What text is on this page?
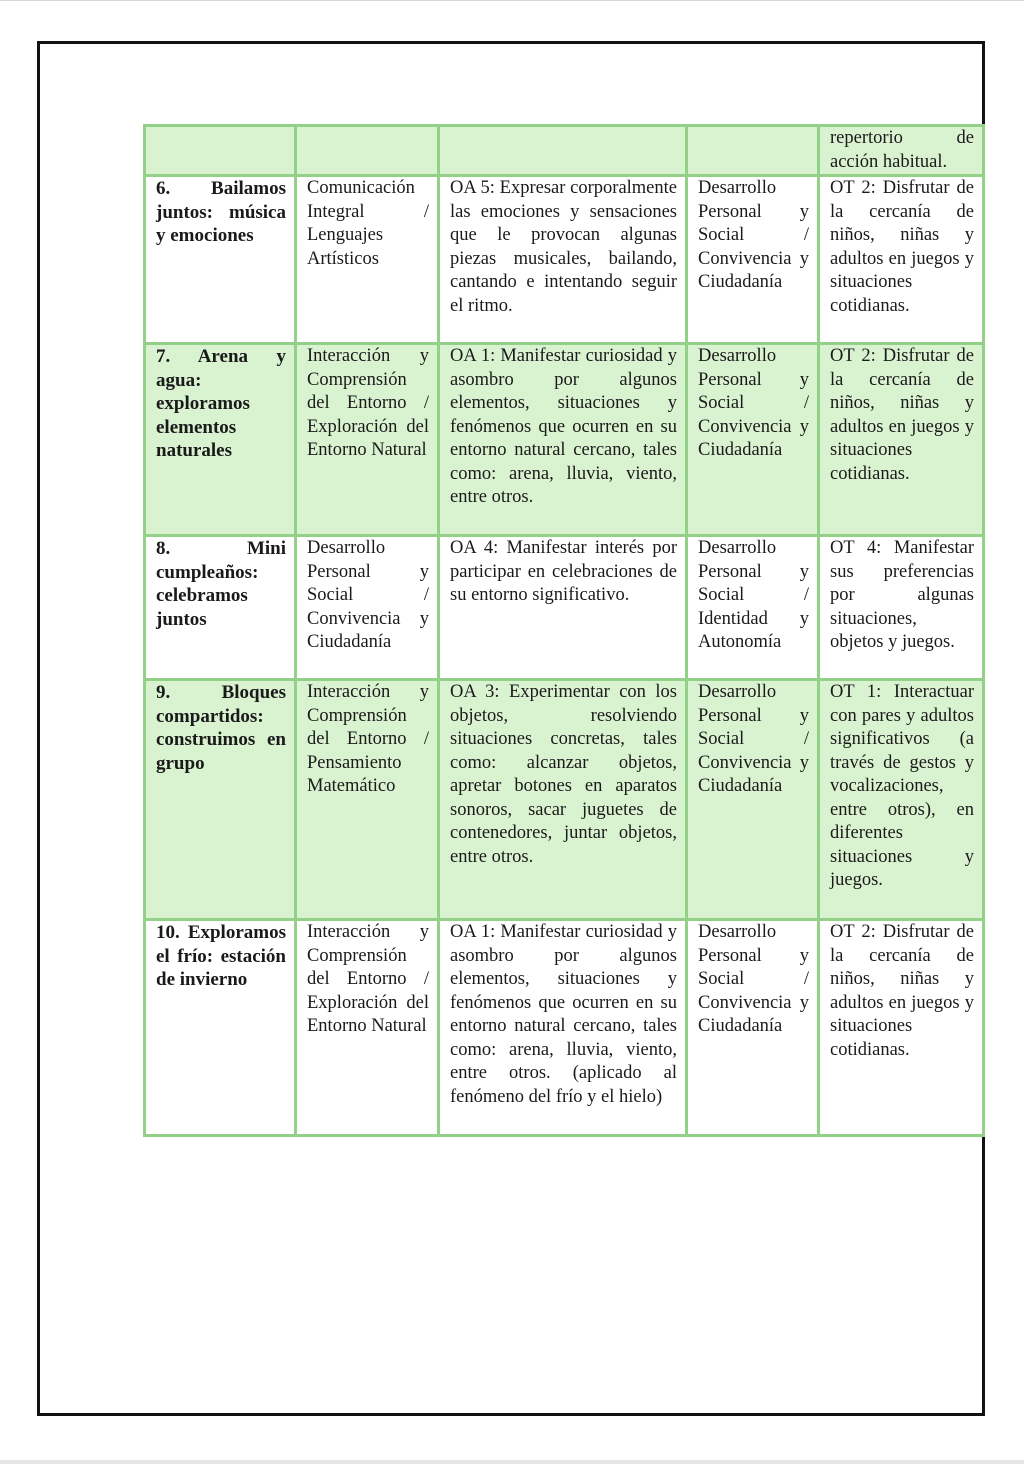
				repertorio de acción habitual.
6. Bailamos juntos: música y emociones	Comunicación Integral / Lenguajes Artísticos	OA 5: Expresar corporalmente las emociones y sensaciones que le provocan algunas piezas musicales, bailando, cantando e intentando seguir el ritmo.	Desarrollo Personal y Social / Convivencia y Ciudadanía	OT 2: Disfrutar de la cercanía de niños, niñas y adultos en juegos y situaciones cotidianas.
7. Arena y agua: exploramos elementos naturales	Interacción y Comprensión del Entorno / Exploración del Entorno Natural	OA 1: Manifestar curiosidad y asombro por algunos elementos, situaciones y fenómenos que ocurren en su entorno natural cercano, tales como: arena, lluvia, viento, entre otros.	Desarrollo Personal y Social / Convivencia y Ciudadanía	OT 2: Disfrutar de la cercanía de niños, niñas y adultos en juegos y situaciones cotidianas.
8. Mini cumpleaños: celebramos juntos	Desarrollo Personal y Social / Convivencia y Ciudadanía	OA 4: Manifestar interés por participar en celebraciones de su entorno significativo.	Desarrollo Personal y Social / Identidad y Autonomía	OT 4: Manifestar sus preferencias por algunas situaciones, objetos y juegos.
9. Bloques compartidos: construimos en grupo	Interacción y Comprensión del Entorno / Pensamiento Matemático	OA 3: Experimentar con los objetos, resolviendo situaciones concretas, tales como: alcanzar objetos, apretar botones en aparatos sonoros, sacar juguetes de contenedores, juntar objetos, entre otros.	Desarrollo Personal y Social / Convivencia y Ciudadanía	OT 1: Interactuar con pares y adultos significativos (a través de gestos y vocalizaciones, entre otros), en diferentes situaciones y juegos.
10. Exploramos el frío: estación de invierno	Interacción y Comprensión del Entorno / Exploración del Entorno Natural	OA 1: Manifestar curiosidad y asombro por algunos elementos, situaciones y fenómenos que ocurren en su entorno natural cercano, tales como: arena, lluvia, viento, entre otros. (aplicado al fenómeno del frío y el hielo)	Desarrollo Personal y Social / Convivencia y Ciudadanía	OT 2: Disfrutar de la cercanía de niños, niñas y adultos en juegos y situaciones cotidianas.
